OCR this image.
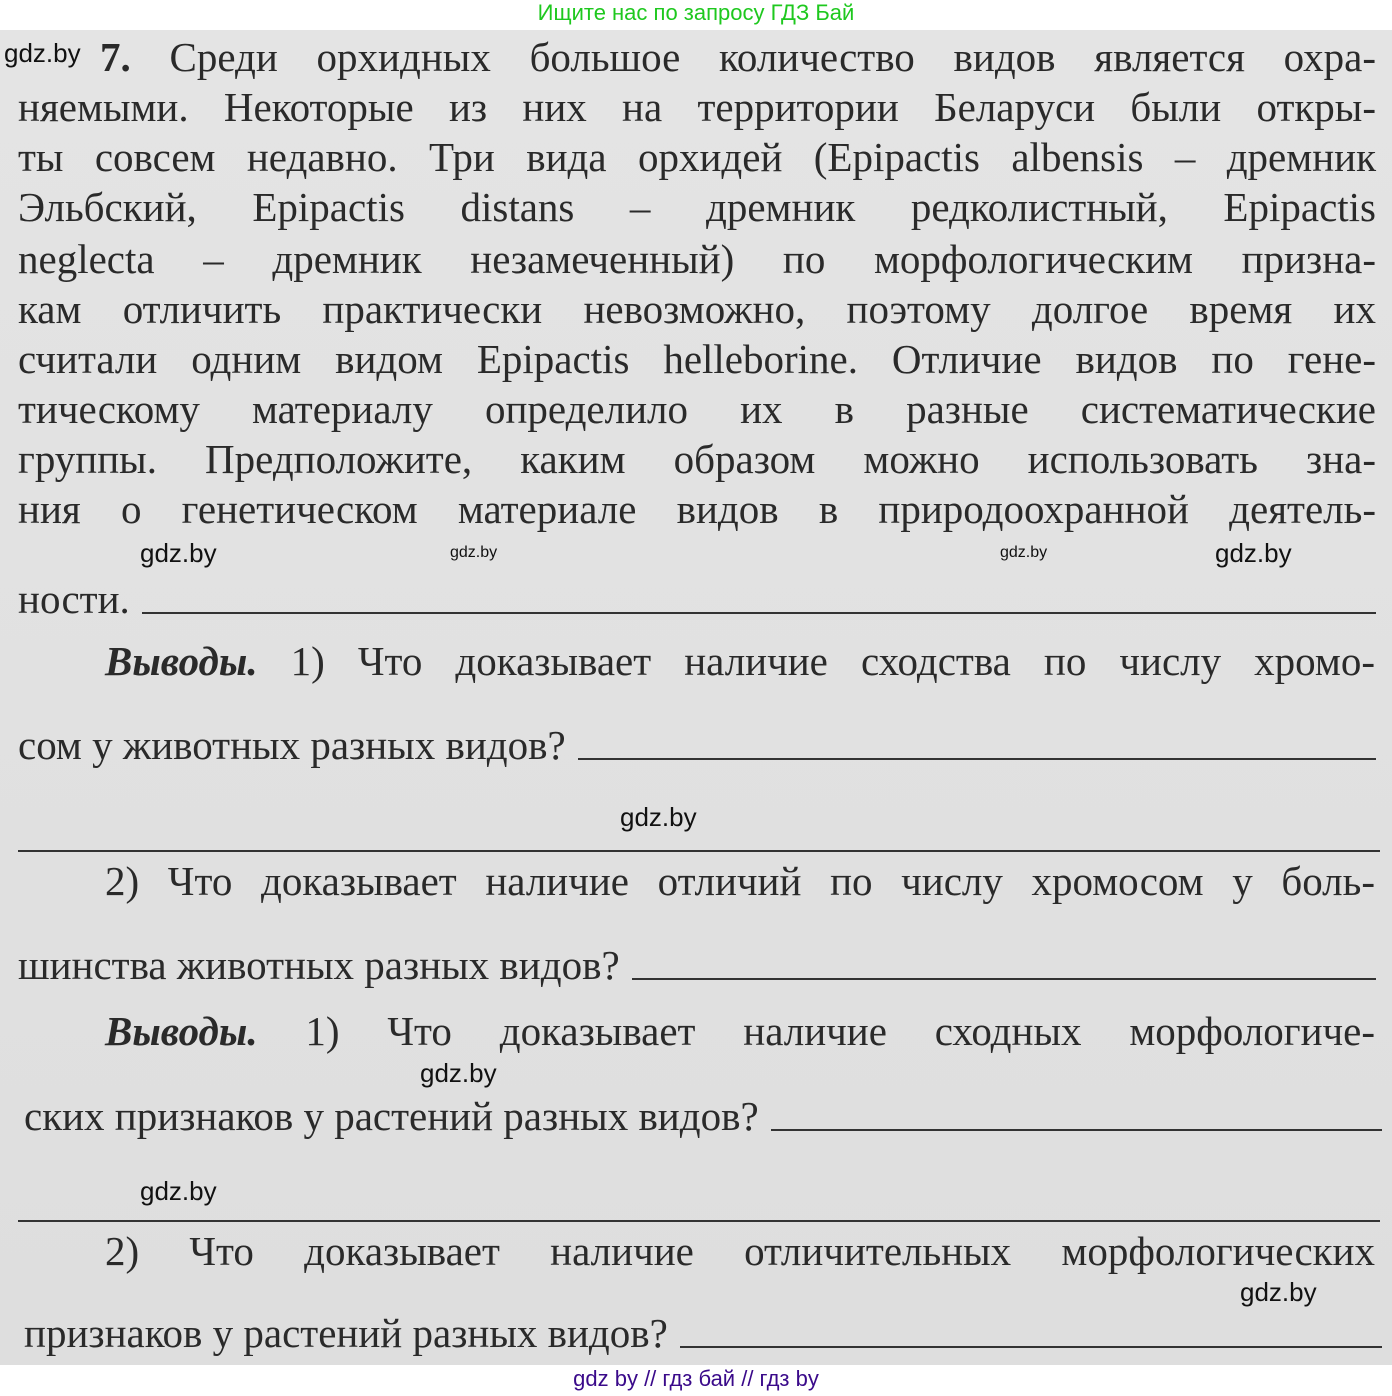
Ищите нас по запросу ГДЗ Бай
gdz.by 7. Среди орхидных большое количество видов является охра-
няемыми. Некоторые из них на территории Беларуси были откры-
ты совсем недавно. Три вида орхидей (Epipactis albensis – дремник
Эльбский, Epipactis distans – дремник редколистный, Epipactis
neglecta – дремник незамеченный) по морфологическим призна-
кам отличить практически невозможно, поэтому долгое время их
считали одним видом Epipactis helleborine. Отличие видов по гене-
тическому материалу определило их в разные систематические
группы. Предположите, каким образом можно использовать зна-
ния о генетическом материале видов в природоохранной деятель-
gdz.by	gdz.by	gdz.by	gdz.by
ности.
Выводы. 1) Что доказывает наличие сходства по числу хромо-
сом у животных разных видов?
gdz.by
2) Что доказывает наличие отличий по числу хромосом у боль-
шинства животных разных видов?
Выводы. 1) Что доказывает наличие сходных морфологиче-
gdz.by
ских признаков у растений разных видов?
gdz.by
2) Что доказывает наличие отличительных морфологических
gdz.by
признаков у растений разных видов?
gdz by // гдз бай // гдз by
